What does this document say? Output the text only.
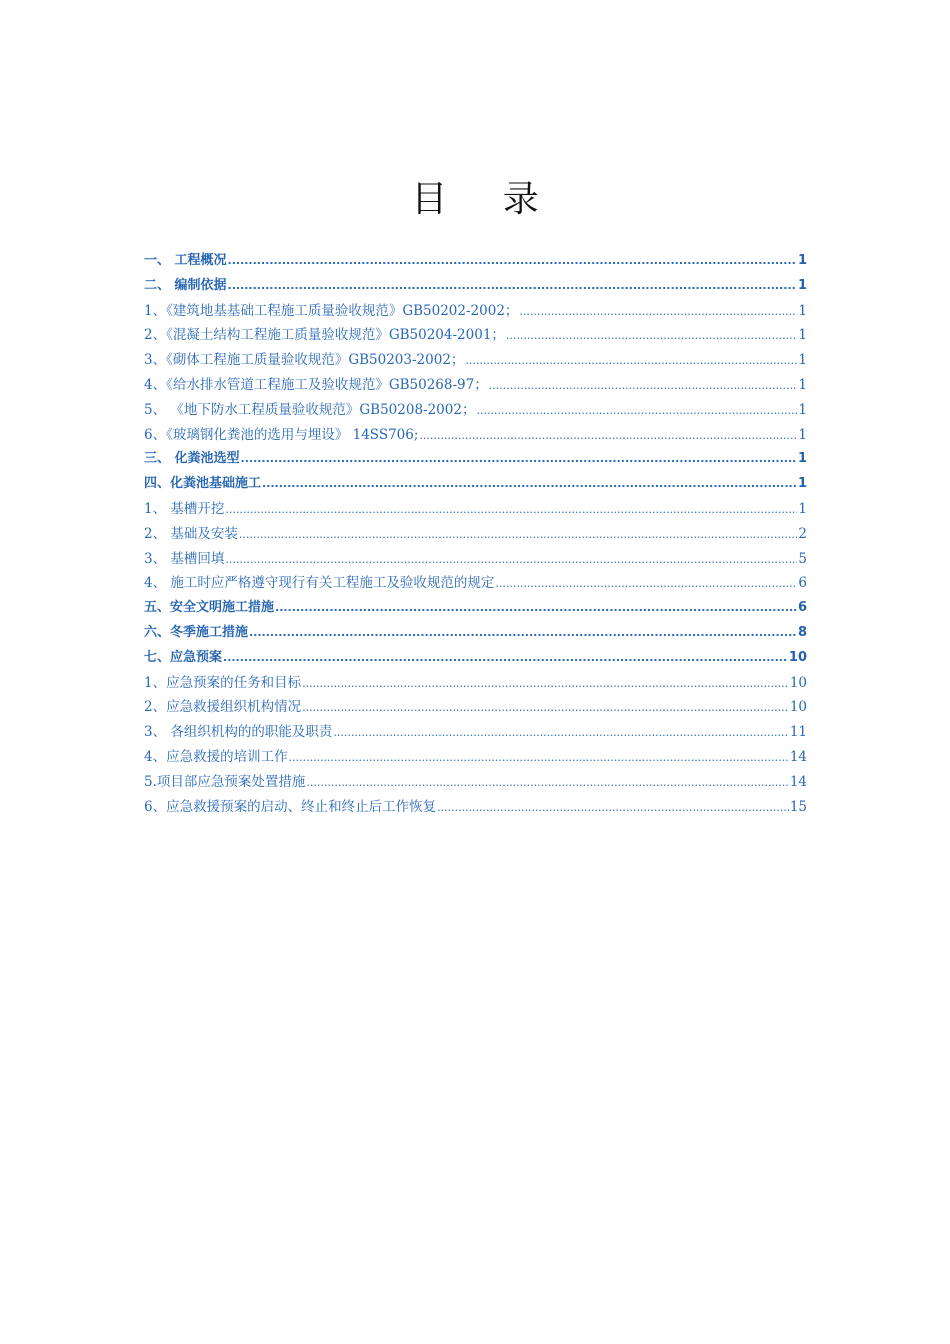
目 录
一、 工程概况 .....	1
二、 编制依据 .....	1
1、《建筑地基基础工程施工质量验收规范》GB50202-2002； .....	1
2、《混凝土结构工程施工质量验收规范》GB50204-2001； .....	1
3、《砌体工程施工质量验收规范》GB50203-2002； .....	1
4、《给水排水管道工程施工及验收规范》GB50268-97； .....	1
5、 《地下防水工程质量验收规范》GB50208-2002； .....	1
6、《玻璃钢化粪池的选用与埋设》 14SS706; .....	1
三、 化粪池选型 .....	1
四、化粪池基础施工 .....	1
1、 基槽开挖 .....	1
2、 基础及安装 .....	2
3、 基槽回填 .....	5
4、 施工时应严格遵守现行有关工程施工及验收规范的规定 .....	6
五、安全文明施工措施 .....	6
六、冬季施工措施 .....	8
七、应急预案 .....	10
1、应急预案的任务和目标 .....	10
2、应急救援组织机构情况 .....	10
3、 各组织机构的的职能及职责 .....	11
4、应急救援的培训工作 .....	14
5.项目部应急预案处置措施 .....	14
6、应急救援预案的启动、终止和终止后工作恢复 .....	15
